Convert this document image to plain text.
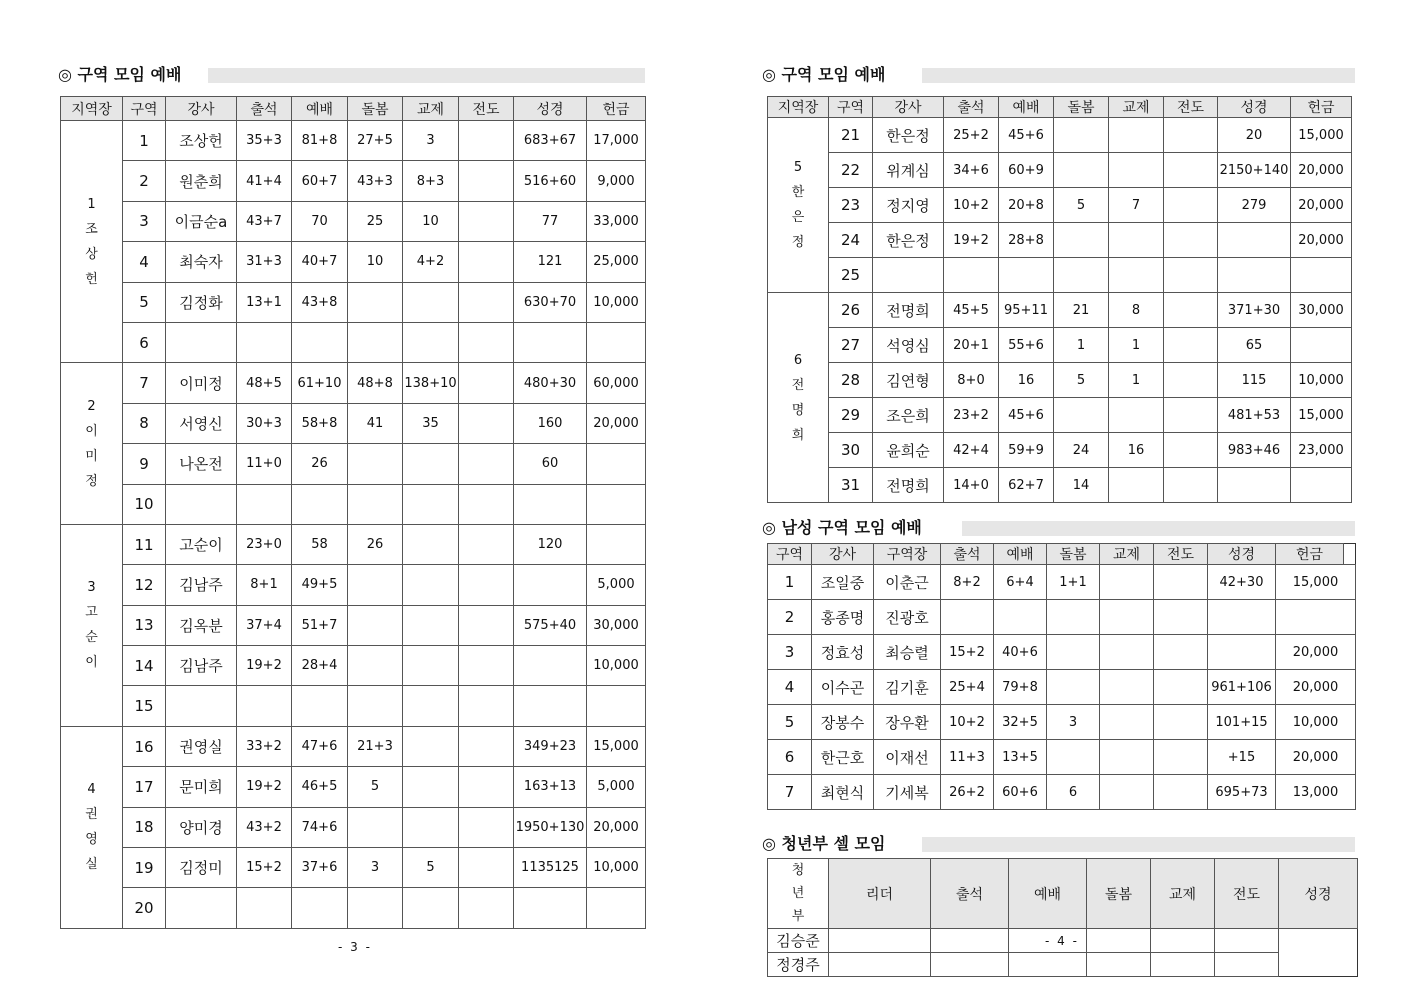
◎ 구역 모임 예배
지역장	구역	강사	출석	예배	돌봄	교제	전도	성경	헌금

1
조
상
헌	1	조상헌	35+3	81+8	27+5	3		683+67	17,000
	2	원춘희	41+4	60+7	43+3	8+3		516+60	9,000
	3	이금순a	43+7	70	25	10		77	33,000
	4	최숙자	31+3	40+7	10	4+2		121	25,000
	5	김정화	13+1	43+8				630+70	10,000
	6								

2
이
미
정	7	이미정	48+5	61+10	48+8	138+10		480+30	60,000
	8	서영신	30+3	58+8	41	35		160	20,000
	9	나온전	11+0	26				60	
	10								

3
고
순
이	11	고순이	23+0	58	26			120	
	12	김남주	8+1	49+5					5,000
	13	김옥분	37+4	51+7				575+40	30,000
	14	김남주	19+2	28+4					10,000
	15								

4
권
영
실	16	권영실	33+2	47+6	21+3			349+23	15,000
	17	문미희	19+2	46+5	5			163+13	5,000
	18	양미경	43+2	74+6				1950+130	20,000
	19	김정미	15+2	37+6	3	5		1135125	10,000
	20								
- 3 -
◎ 구역 모임 예배
지역장	구역	강사	출석	예배	돌봄	교제	전도	성경	헌금

5
한
은
정	21	한은정	25+2	45+6				20	15,000
	22	위계심	34+6	60+9				2150+140	20,000
	23	정지영	10+2	20+8	5	7		279	20,000
	24	한은정	19+2	28+8					20,000
	25								

6
전
명
희	26	전명희	45+5	95+11	21	8		371+30	30,000
	27	석영심	20+1	55+6	1	1		65	
	28	김연형	8+0	16	5	1		115	10,000
	29	조은희	23+2	45+6				481+53	15,000
	30	윤희순	42+4	59+9	24	16		983+46	23,000
	31	전명희	14+0	62+7	14				
◎ 남성 구역 모임 예배
구역	강사	구역장	출석	예배	돌봄	교제	전도	성경	헌금
1	조일중	이춘근	8+2	6+4	1+1			42+30	15,000
2	홍종명	진광호							
3	정효성	최승렬	15+2	40+6					20,000
4	이수곤	김기훈	25+4	79+8				961+106	20,000
5	장봉수	장우환	10+2	32+5	3			101+15	10,000
6	한근호	이재선	11+3	13+5				+15	20,000
7	최현식	기세복	26+2	60+6	6			695+73	13,000
◎ 청년부 셀 모임
청
년
부	리더	출석	예배	돌봄	교제	전도	성경
김승준							
정경주							
- 4 -
